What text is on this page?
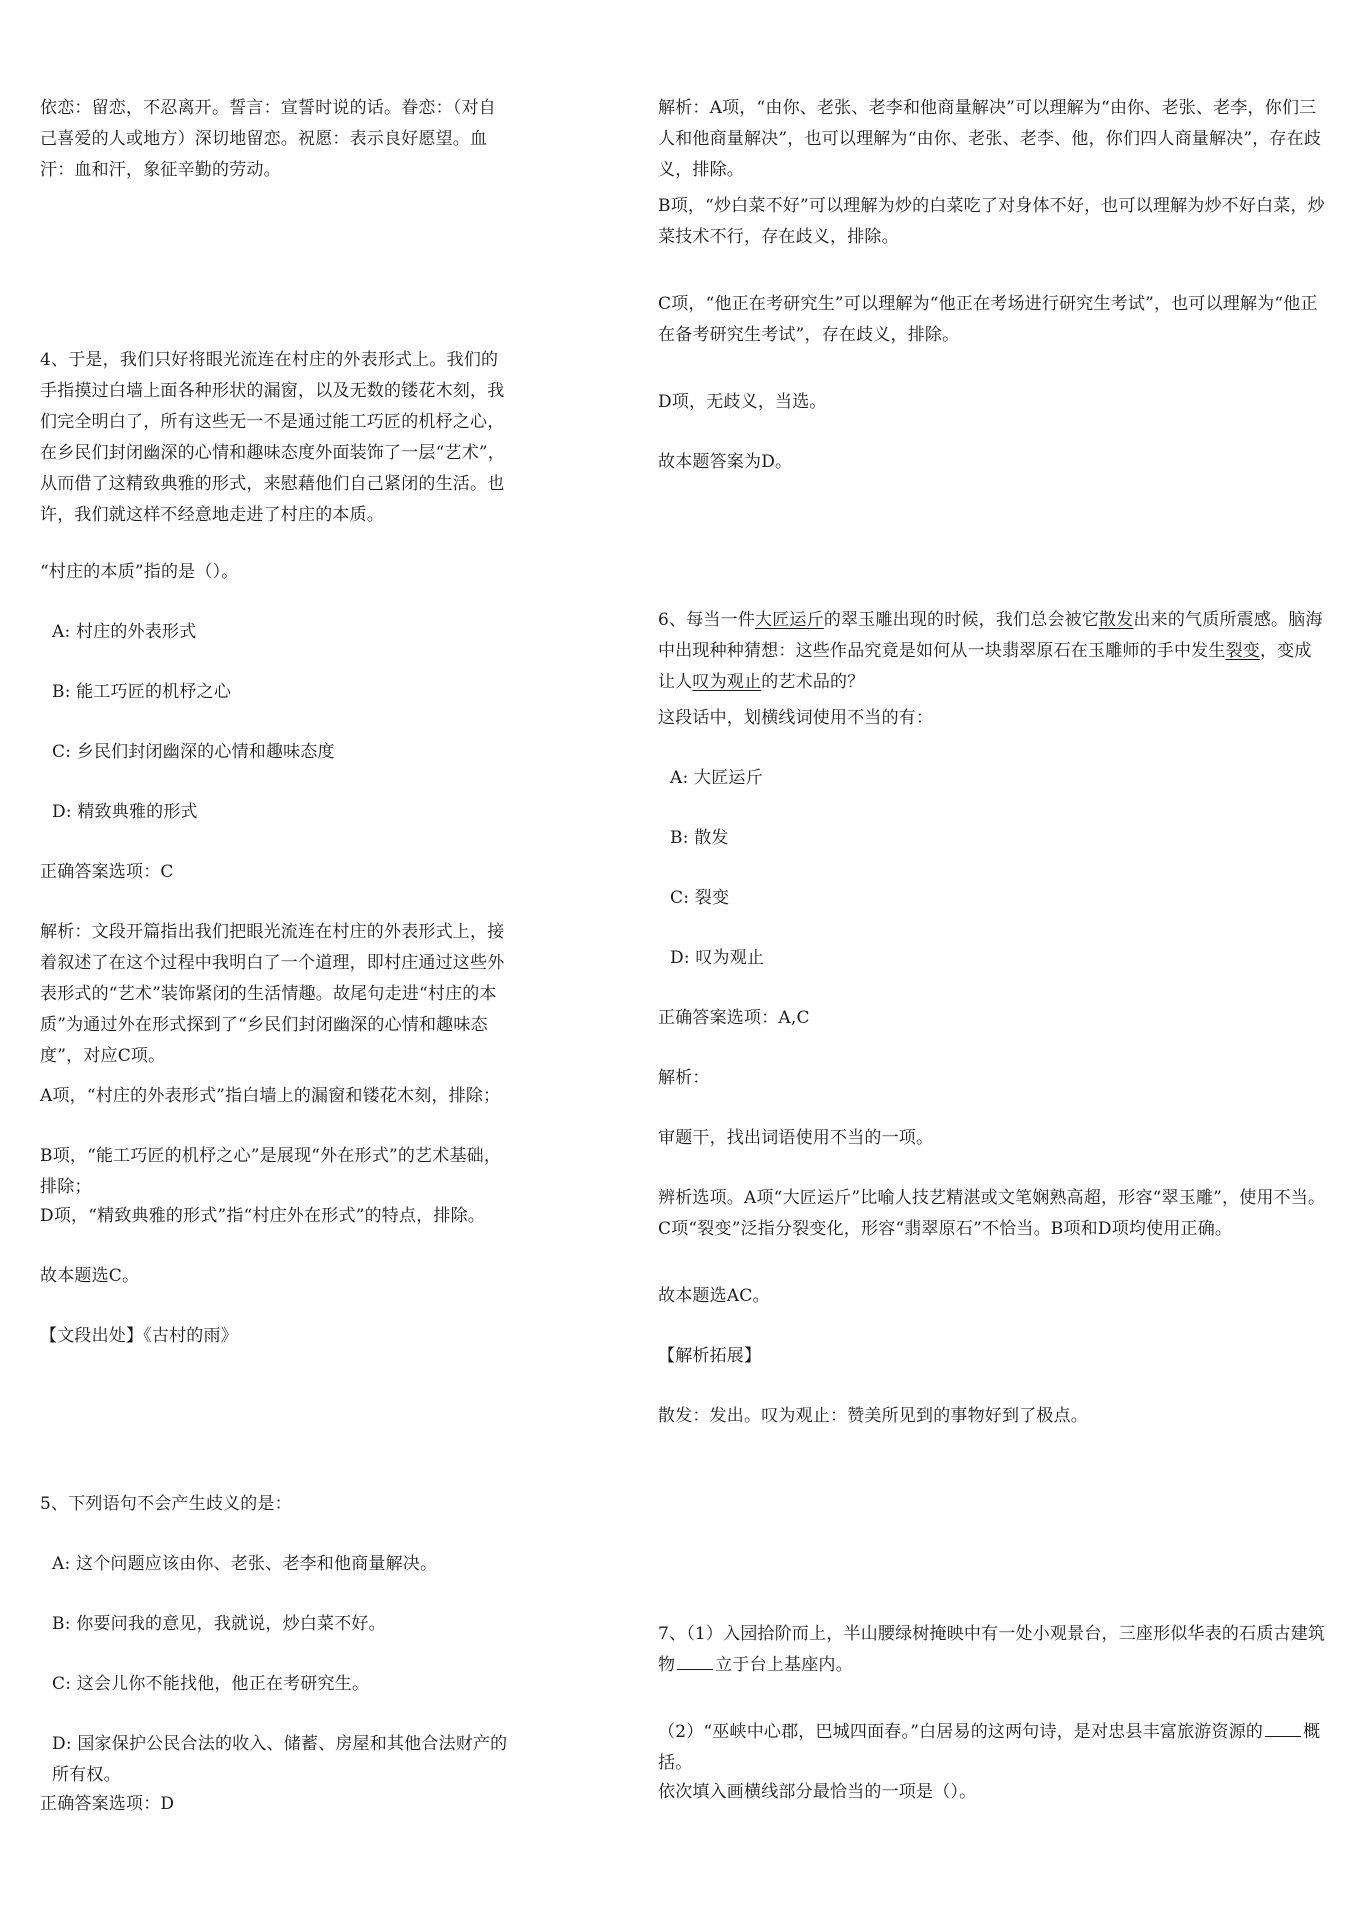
依恋：留恋，不忍离开。誓言：宣誓时说的话。眷恋：（对自己喜爱的人或地方）深切地留恋。祝愿：表示良好愿望。血汗：血和汗，象征辛勤的劳动。

4、于是，我们只好将眼光流连在村庄的外表形式上。我们的手指摸过白墙上面各种形状的漏窗，以及无数的镂花木刻，我们完全明白了，所有这些无一不是通过能工巧匠的机杼之心，在乡民们封闭幽深的心情和趣味态度外面装饰了一层“艺术”，从而借了这精致典雅的形式，来慰藉他们自己紧闭的生活。也许，我们就这样不经意地走进了村庄的本质。

“村庄的本质”指的是（）。

A: 村庄的外表形式

B: 能工巧匠的机杼之心

C: 乡民们封闭幽深的心情和趣味态度

D: 精致典雅的形式

正确答案选项：C

解析：文段开篇指出我们把眼光流连在村庄的外表形式上，接着叙述了在这个过程中我明白了一个道理，即村庄通过这些外表形式的“艺术”装饰紧闭的生活情趣。故尾句走进“村庄的本质”为通过外在形式探到了“乡民们封闭幽深的心情和趣味态度”，对应C项。

A项，“村庄的外表形式”指白墙上的漏窗和镂花木刻，排除；

B项，“能工巧匠的机杼之心”是展现“外在形式”的艺术基础，排除；

D项，“精致典雅的形式”指“村庄外在形式”的特点，排除。

故本题选C。

【文段出处】《古村的雨》

5、下列语句不会产生歧义的是：

A: 这个问题应该由你、老张、老李和他商量解决。

B: 你要问我的意见，我就说，炒白菜不好。

C: 这会儿你不能找他，他正在考研究生。

D: 国家保护公民合法的收入、储蓄、房屋和其他合法财产的所有权。

正确答案选项：D

解析：A项，“由你、老张、老李和他商量解决”可以理解为“由你、老张、老李，你们三人和他商量解决”，也可以理解为“由你、老张、老李、他，你们四人商量解决”，存在歧义，排除。

B项，“炒白菜不好”可以理解为炒的白菜吃了对身体不好，也可以理解为炒不好白菜，炒菜技术不行，存在歧义，排除。

C项，“他正在考研究生”可以理解为“他正在考场进行研究生考试”，也可以理解为“他正在备考研究生考试”，存在歧义，排除。

D项，无歧义，当选。

故本题答案为D。

6、每当一件大匠运斤的翠玉雕出现的时候，我们总会被它散发出来的气质所震感。脑海中出现种种猜想：这些作品究竟是如何从一块翡翠原石在玉雕师的手中发生裂变，变成让人叹为观止的艺术品的？

这段话中，划横线词使用不当的有：

A: 大匠运斤

B: 散发

C: 裂变

D: 叹为观止

正确答案选项：A,C

解析：

审题干，找出词语使用不当的一项。

辨析选项。A项“大匠运斤”比喻人技艺精湛或文笔娴熟高超，形容“翠玉雕”，使用不当。C项“裂变”泛指分裂变化，形容“翡翠原石”不恰当。B项和D项均使用正确。

故本题选AC。

【解析拓展】

散发：发出。叹为观止：赞美所见到的事物好到了极点。

7、（1）入园拾阶而上，半山腰绿树掩映中有一处小观景台，三座形似华表的石质古建筑物 立于台上基座内。

（2）“巫峡中心郡，巴城四面春。”白居易的这两句诗，是对忠县丰富旅游资源的 概括。

依次填入画横线部分最恰当的一项是（）。
